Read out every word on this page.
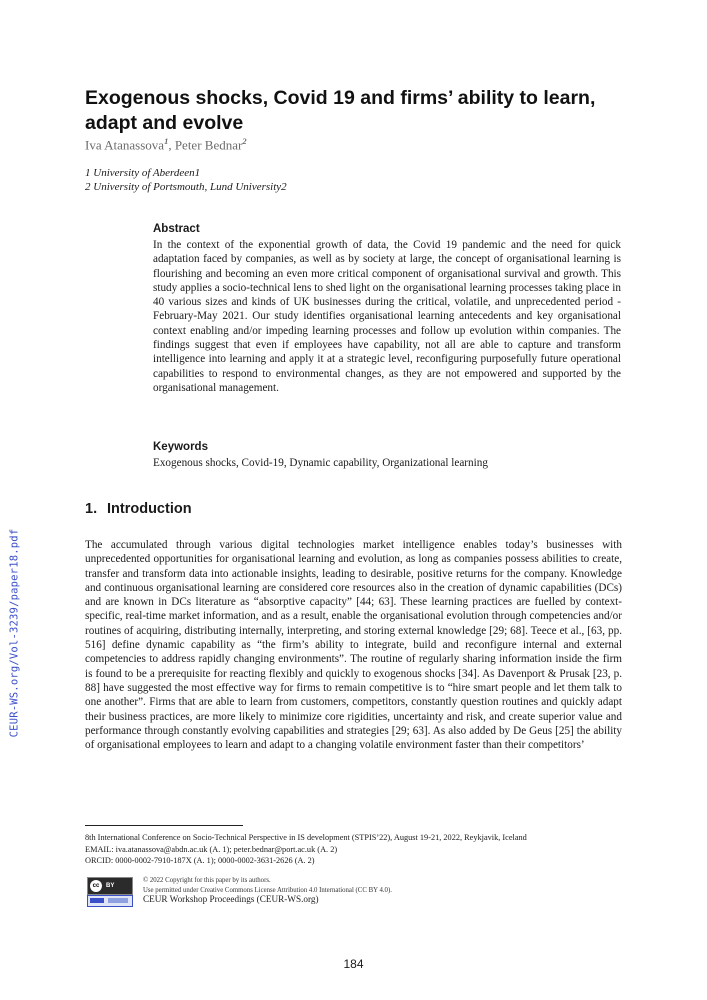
CEUR-WS.org/Vol-3239/paper18.pdf
Exogenous shocks, Covid 19 and firms’ ability to learn, adapt and evolve
Iva Atanassova$^1$, Peter Bednar$^2$
1 University of Aberdeen1
2 University of Portsmouth, Lund University2
Abstract

In the context of the exponential growth of data, the Covid 19 pandemic and the need for quick adaptation faced by companies, as well as by society at large, the concept of organisational learning is flourishing and becoming an even more critical component of organisational survival and growth. This study applies a socio-technical lens to shed light on the organisational learning processes taking place in 40 various sizes and kinds of UK businesses during the critical, volatile, and unprecedented period - February-May 2021. Our study identifies organisational learning antecedents and key organisational context enabling and/or impeding learning processes and follow up evolution within companies. The findings suggest that even if employees have capability, not all are able to capture and transform intelligence into learning and apply it at a strategic level, reconfiguring purposefully future operational capabilities to respond to environmental changes, as they are not empowered and supported by the organisational management.

Keywords
Exogenous shocks, Covid-19, Dynamic capability, Organizational learning
1. Introduction

The accumulated through various digital technologies market intelligence enables today’s businesses with unprecedented opportunities for organisational learning and evolution, as long as companies possess abilities to create, transfer and transform data into actionable insights, leading to desirable, positive returns for the company. Knowledge and continuous organisational learning are considered core resources also in the creation of dynamic capabilities (DCs) and are known in DCs literature as “absorptive capacity” [44; 63]. These learning practices are fuelled by context-specific, real-time market information, and as a result, enable the organisational evolution through competencies and/or routines of acquiring, distributing internally, interpreting, and storing external knowledge [29; 68]. Teece et al., [63, pp. 516] define dynamic capability as “the firm’s ability to integrate, build and reconfigure internal and external competencies to address rapidly changing environments”. The routine of regularly sharing information inside the firm is found to be a prerequisite for reacting flexibly and quickly to exogenous shocks [34]. As Davenport & Prusak [23, p. 88] have suggested the most effective way for firms to remain competitive is to “hire smart people and let them talk to one another”. Firms that are able to learn from customers, competitors, constantly question routines and quickly adapt their business practices, are more likely to minimize core rigidities, uncertainty and risk, and create superior value and performance through constantly evolving capabilities and strategies [29; 63]. As also added by De Geus [25] the ability of organisational employees to learn and adapt to a changing volatile environment faster than their competitors’

8th International Conference on Socio-Technical Perspective in IS development (STPIS’22), August 19-21, 2022, Reykjavik, Iceland
EMAIL: iva.atanassova@abdn.ac.uk (A. 1); peter.bednar@port.ac.uk (A. 2)
ORCID: 0000-0002-7910-187X (A. 1); 0000-0002-3631-2626 (A. 2)
cc	BY
© 2022 Copyright for this paper by its authors.
Use permitted under Creative Commons License Attribution 4.0 International (CC BY 4.0).
CEUR Workshop Proceedings (CEUR-WS.org)
184
